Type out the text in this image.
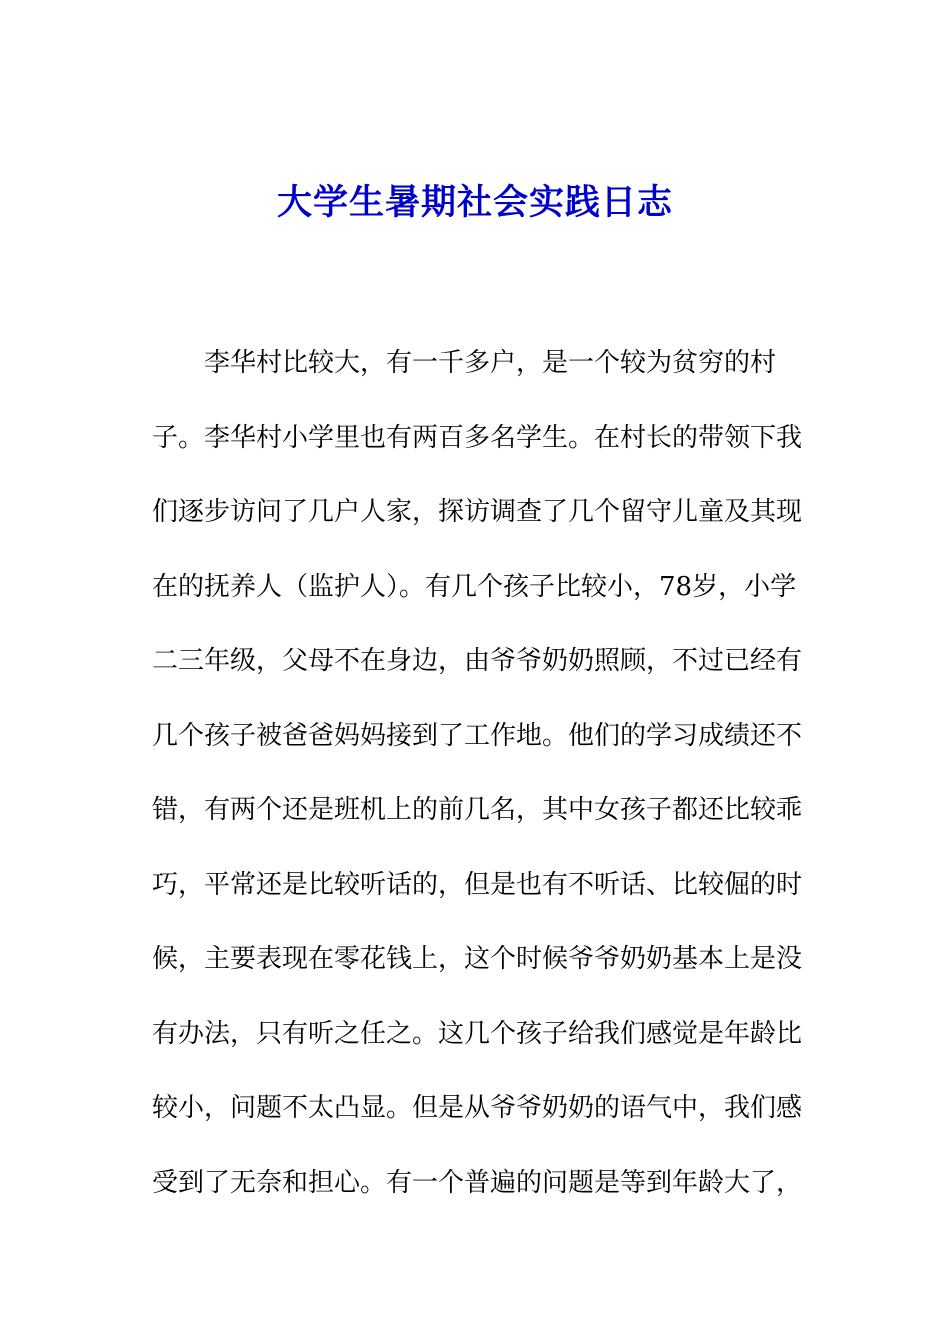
大学生暑期社会实践日志
李华村比较大，有一千多户，是一个较为贫穷的村
子。李华村小学里也有两百多名学生。在村长的带领下我
们逐步访问了几户人家，探访调查了几个留守儿童及其现
在的抚养人（监护人）。有几个孩子比较小，78岁，小学
二三年级，父母不在身边，由爷爷奶奶照顾，不过已经有
几个孩子被爸爸妈妈接到了工作地。他们的学习成绩还不
错，有两个还是班机上的前几名，其中女孩子都还比较乖
巧，平常还是比较听话的，但是也有不听话、比较倔的时
候，主要表现在零花钱上，这个时候爷爷奶奶基本上是没
有办法，只有听之任之。这几个孩子给我们感觉是年龄比
较小，问题不太凸显。但是从爷爷奶奶的语气中，我们感
受到了无奈和担心。有一个普遍的问题是等到年龄大了，
